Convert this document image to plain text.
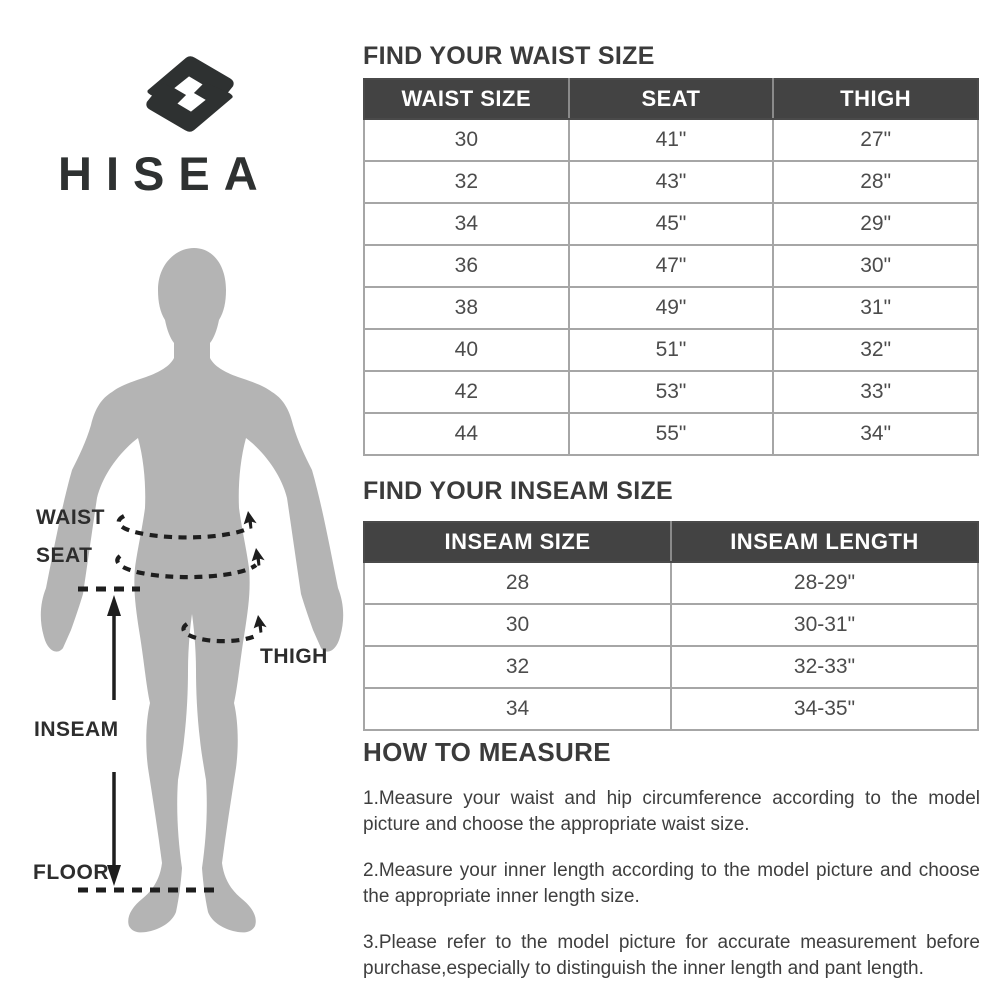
HISEA
WAIST
SEAT
THIGH
INSEAM
FLOOR
FIND YOUR WAIST SIZE
WAIST SIZE	SEAT	THIGH
30	41"	27"
32	43"	28"
34	45"	29"
36	47"	30"
38	49"	31"
40	51"	32"
42	53"	33"
44	55"	34"
FIND YOUR INSEAM SIZE
INSEAM SIZE	INSEAM LENGTH
28	28-29"
30	30-31"
32	32-33"
34	34-35"
HOW TO MEASURE

1.Measure your waist and hip circumference according to the model picture and choose the appropriate waist size.

2.Measure your inner length according to the model picture and choose the appropriate inner length size.

3.Please refer to the model picture for accurate measurement before purchase,especially to distinguish the inner length and pant length.
